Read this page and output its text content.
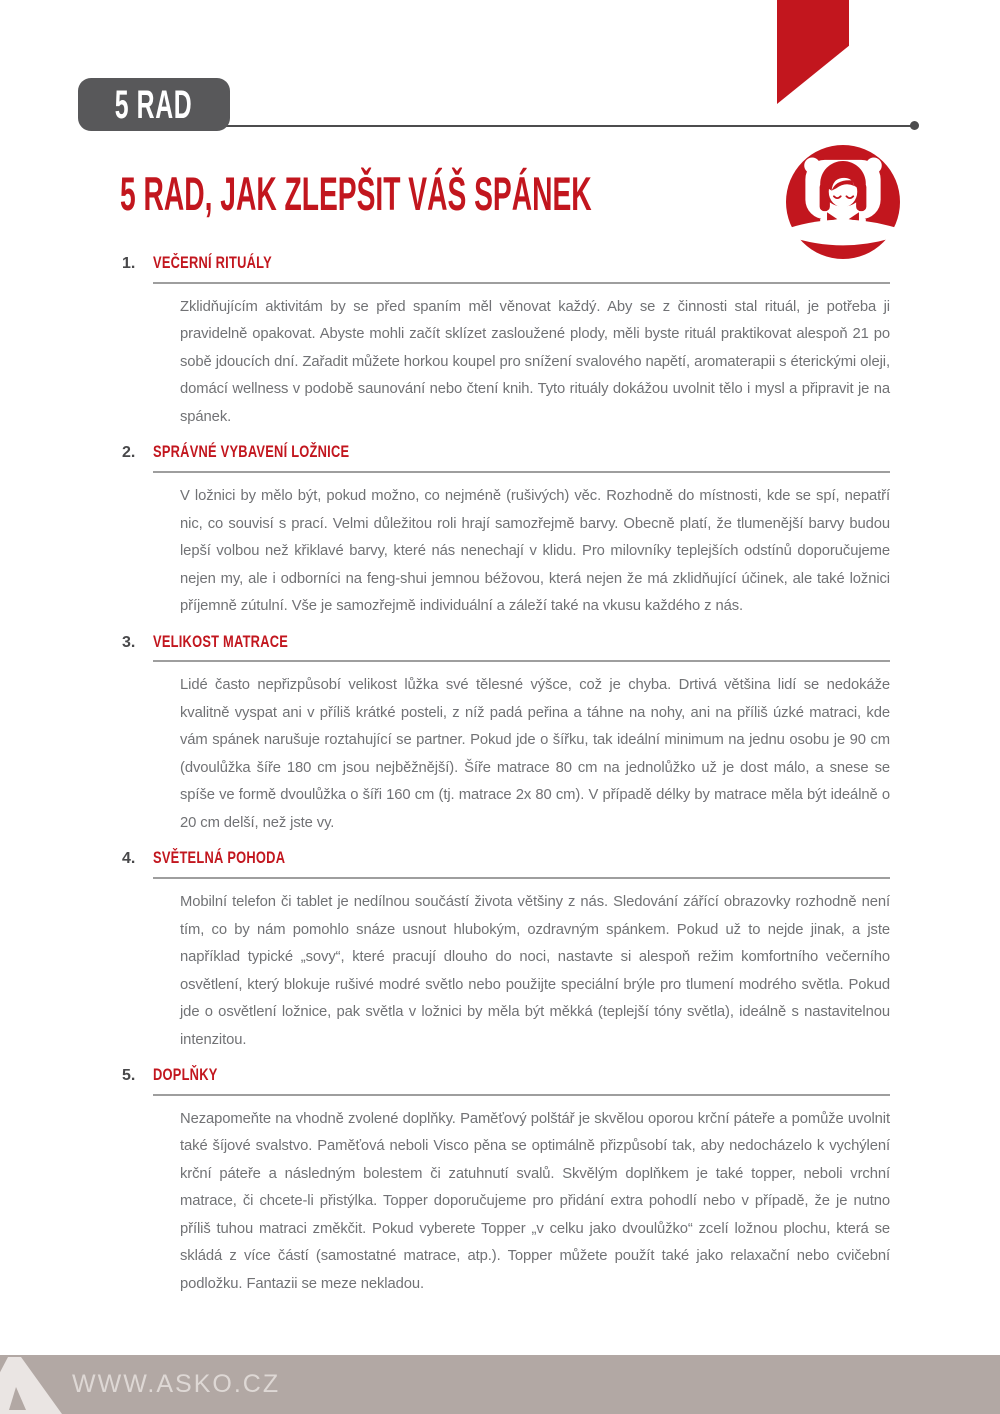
5 RAD
5 RAD, JAK ZLEPŠIT VÁŠ SPÁNEK
1.	VEČERNÍ RITUÁLY

Zklidňujícím aktivitám by se před spaním měl věnovat každý. Aby se z činnosti stal rituál, je potřeba ji pravidelně opakovat. Abyste mohli začít sklízet zasloužené plody, měli byste rituál praktikovat alespoň 21 po sobě jdoucích dní. Zařadit můžete horkou koupel pro snížení svalového napětí, aromaterapii s éterickými oleji, domácí wellness v podobě saunování nebo čtení knih. Tyto rituály dokážou uvolnit tělo i mysl a připravit je na spánek.

2.	SPRÁVNÉ VYBAVENÍ LOŽNICE

V ložnici by mělo být, pokud možno, co nejméně (rušivých) věc. Rozhodně do místnosti, kde se spí, nepatří nic, co souvisí s prací. Velmi důležitou roli hrají samozřejmě barvy. Obecně platí, že tlumenější barvy budou lepší volbou než křiklavé barvy, které nás nenechají v klidu. Pro milovníky teplejších odstínů doporučujeme nejen my, ale i odborníci na feng-shui jemnou béžovou, která nejen že má zklidňující účinek, ale také ložnici příjemně zútulní. Vše je samozřejmě individuální a záleží také na vkusu každého z nás.

3.	VELIKOST MATRACE

Lidé často nepřizpůsobí velikost lůžka své tělesné výšce, což je chyba. Drtivá většina lidí se nedokáže kvalitně vyspat ani v příliš krátké posteli, z níž padá peřina a táhne na nohy, ani na příliš úzké matraci, kde vám spánek narušuje roztahující se partner. Pokud jde o šířku, tak ideální minimum na jednu osobu je 90 cm (dvoulůžka šíře 180 cm jsou nejběžnější). Šíře matrace 80 cm na jednolůžko už je dost málo, a snese se spíše ve formě dvoulůžka o šíři 160 cm (tj. matrace 2x 80 cm). V případě délky by matrace měla být ideálně o 20 cm delší, než jste vy.

4.	SVĚTELNÁ POHODA

Mobilní telefon či tablet je nedílnou součástí života většiny z nás. Sledování zářící obrazovky rozhodně není tím, co by nám pomohlo snáze usnout hlubokým, ozdravným spánkem. Pokud už to nejde jinak, a jste například typické „sovy“, které pracují dlouho do noci, nastavte si alespoň režim komfortního večerního osvětlení, který blokuje rušivé modré světlo nebo použijte speciální brýle pro tlumení modrého světla. Pokud jde o osvětlení ložnice, pak světla v ložnici by měla být měkká (teplejší tóny světla), ideálně s nastavitelnou intenzitou.

5.	DOPLŇKY

Nezapomeňte na vhodně zvolené doplňky. Paměťový polštář je skvělou oporou krční páteře a pomůže uvolnit také šíjové svalstvo. Paměťová neboli Visco pěna se optimálně přizpůsobí tak, aby nedocházelo k vychýlení krční páteře a následným bolestem či zatuhnutí svalů. Skvělým doplňkem je také topper, neboli vrchní matrace, či chcete-li přistýlka. Topper doporučujeme pro přidání extra pohodlí nebo v případě, že je nutno příliš tuhou matraci změkčit. Pokud vyberete Topper „v celku jako dvoulůžko“ zcelí ložnou plochu, která se skládá z více částí (samostatné matrace, atp.). Topper můžete použít také jako relaxační nebo cvičební podložku. Fantazii se meze nekladou.

WWW.ASKO.CZ
